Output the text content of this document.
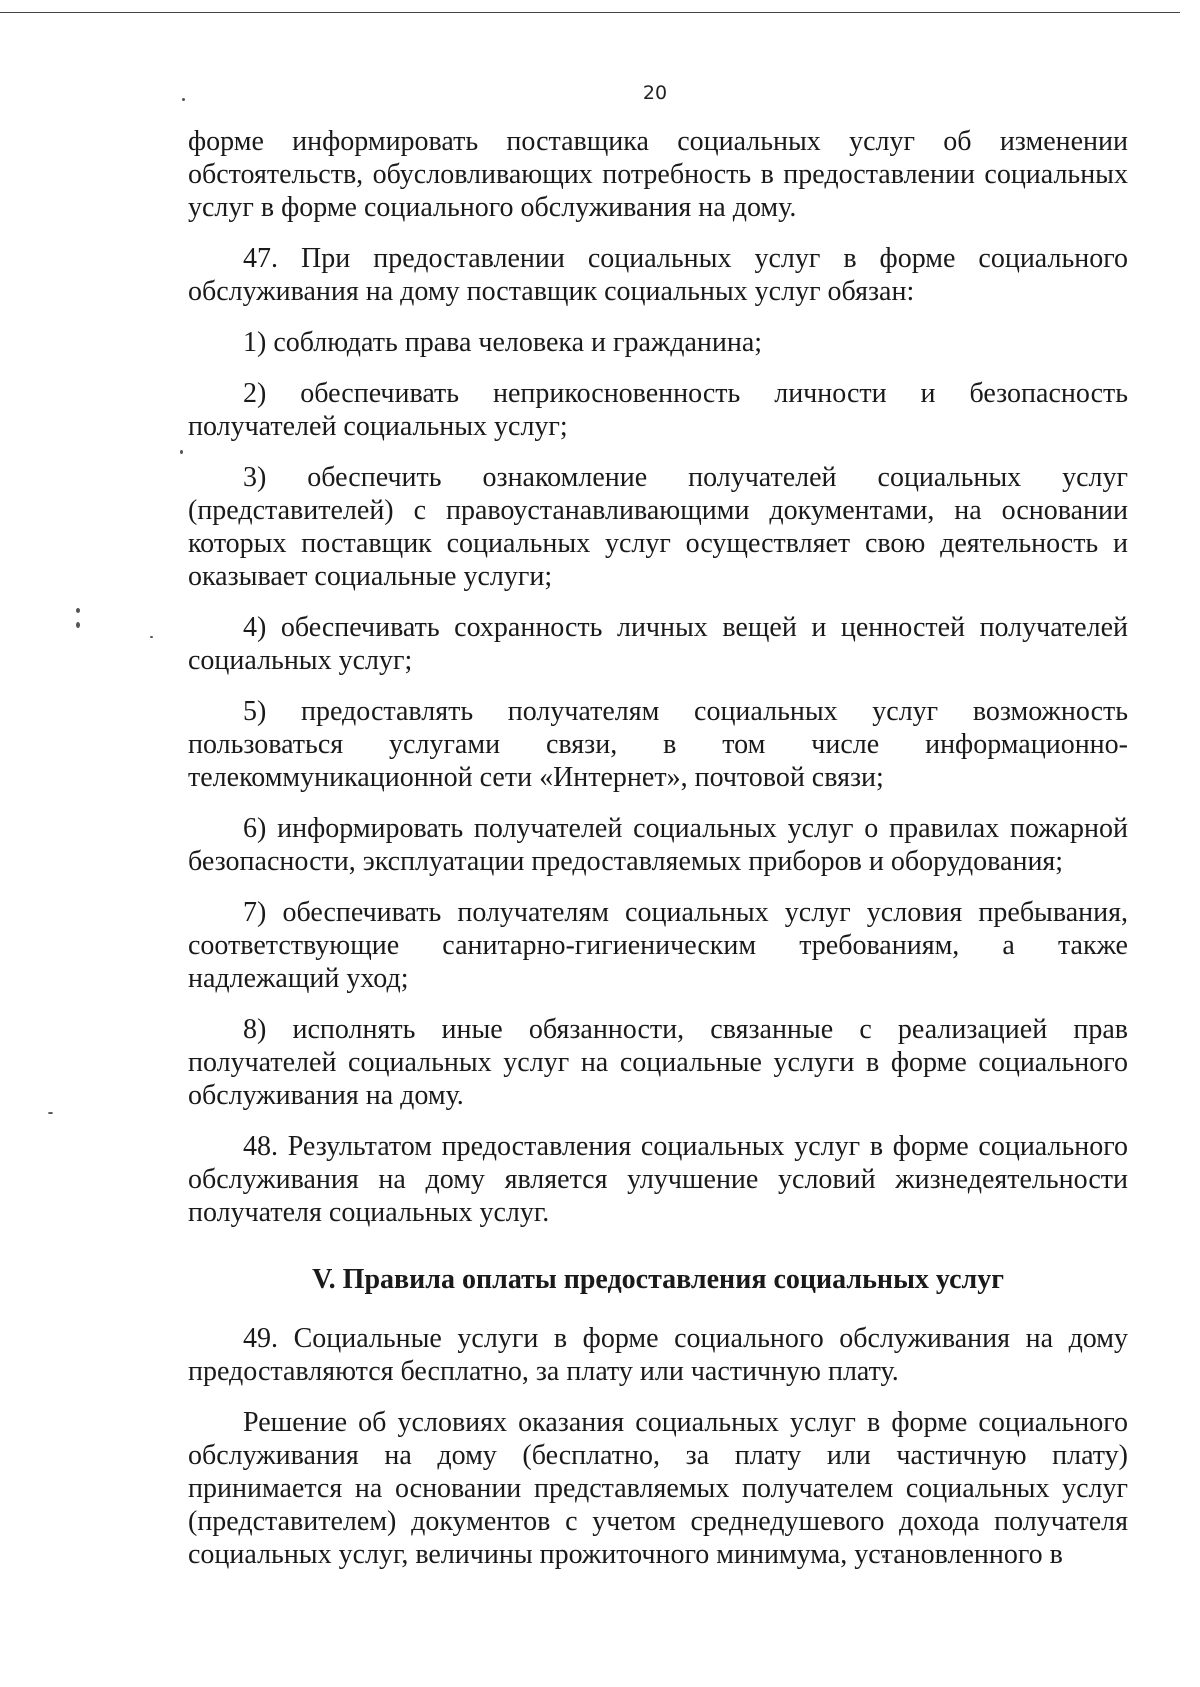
20

форме информировать поставщика социальных услуг об изменении обстоятельств, обусловливающих потребность в предоставлении социальных услуг в форме социального обслуживания на дому.

47. При предоставлении социальных услуг в форме социального обслуживания на дому поставщик социальных услуг обязан:

1) соблюдать права человека и гражданина;

2) обеспечивать неприкосновенность личности и безопасность получателей социальных услуг;

3) обеспечить ознакомление получателей социальных услуг (представителей) с правоустанавливающими документами, на основании которых поставщик социальных услуг осуществляет свою деятельность и оказывает социальные услуги;

4) обеспечивать сохранность личных вещей и ценностей получателей социальных услуг;

5) предоставлять получателям социальных услуг возможность пользоваться услугами связи, в том числе информационно-телекоммуникационной сети «Интернет», почтовой связи;

6) информировать получателей социальных услуг о правилах пожарной безопасности, эксплуатации предоставляемых приборов и оборудования;

7) обеспечивать получателям социальных услуг условия пребывания, соответствующие санитарно-гигиеническим требованиям, а также надлежащий уход;

8) исполнять иные обязанности, связанные с реализацией прав получателей социальных услуг на социальные услуги в форме социального обслуживания на дому.

48. Результатом предоставления социальных услуг в форме социального обслуживания на дому является улучшение условий жизнедеятельности получателя социальных услуг.

V. Правила оплаты предоставления социальных услуг

49. Социальные услуги в форме социального обслуживания на дому предоставляются бесплатно, за плату или частичную плату.

Решение об условиях оказания социальных услуг в форме социального обслуживания на дому (бесплатно, за плату или частичную плату) принимается на основании представляемых получателем социальных услуг (представителем) документов с учетом среднедушевого дохода получателя социальных услуг, величины прожиточного минимума, установленного в
